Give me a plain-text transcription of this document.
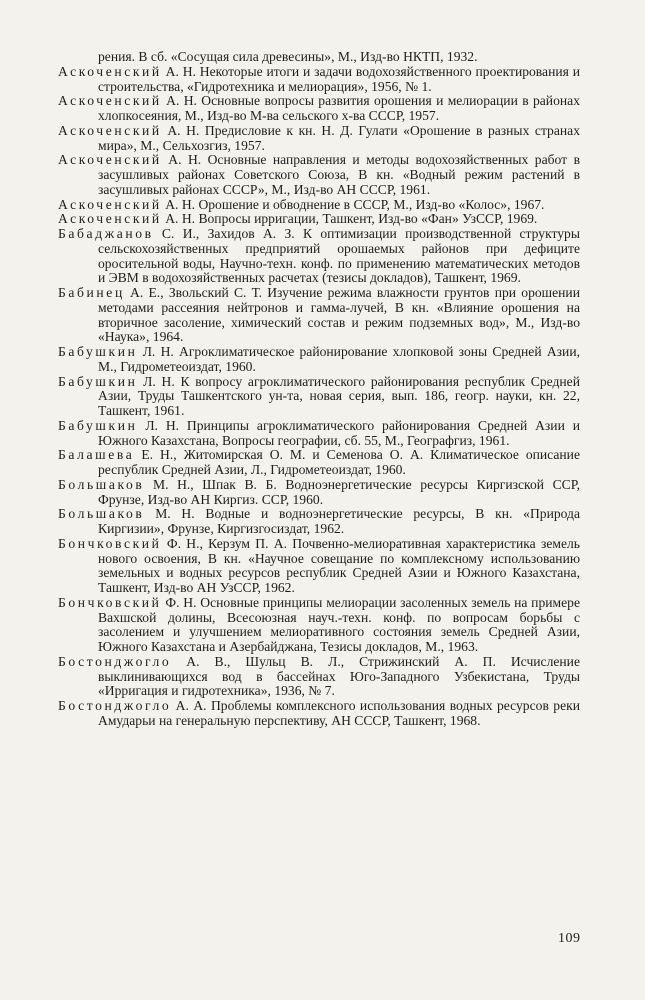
рения. В сб. «Сосущая сила древесины», М., Изд-во НКТП, 1932.

Аскоченский А. Н. Некоторые итоги и задачи водохозяйственного проектирования и строительства, «Гидротехника и мелиорация», 1956, № 1.

Аскоченский А. Н. Основные вопросы развития орошения и мелиорации в районах хлопкосеяния, М., Изд-во М-ва сельского х-ва СССР, 1957.

Аскоченский А. Н. Предисловие к кн. Н. Д. Гулати «Орошение в разных странах мира», М., Сельхозгиз, 1957.

Аскоченский А. Н. Основные направления и методы водохозяйственных работ в засушливых районах Советского Союза, В кн. «Водный режим растений в засушливых районах СССР», М., Изд-во АН СССР, 1961.

Аскоченский А. Н. Орошение и обводнение в СССР, М., Изд-во «Колос», 1967.

Аскоченский А. Н. Вопросы ирригации, Ташкент, Изд-во «Фан» УзССР, 1969.

Бабаджанов С. И., Захидов А. З. К оптимизации производственной структуры сельскохозяйственных предприятий орошаемых районов при дефиците оросительной воды, Научно-техн. конф. по применению математических методов и ЭВМ в водохозяйственных расчетах (тезисы докладов), Ташкент, 1969.

Бабинец А. Е., Звольский С. Т. Изучение режима влажности грунтов при орошении методами рассеяния нейтронов и гамма-лучей, В кн. «Влияние орошения на вторичное засоление, химический состав и режим подземных вод», М., Изд-во «Наука», 1964.

Бабушкин Л. Н. Агроклиматическое районирование хлопковой зоны Средней Азии, М., Гидрометеоиздат, 1960.

Бабушкин Л. Н. К вопросу агроклиматического районирования республик Средней Азии, Труды Ташкентского ун-та, новая серия, вып. 186, геогр. науки, кн. 22, Ташкент, 1961.

Бабушкин Л. Н. Принципы агроклиматического районирования Средней Азии и Южного Казахстана, Вопросы географии, сб. 55, М., Географгиз, 1961.

Балашева Е. Н., Житомирская О. М. и Семенова О. А. Климатическое описание республик Средней Азии, Л., Гидрометеоиздат, 1960.

Большаков М. Н., Шпак В. Б. Водноэнергетические ресурсы Киргизской ССР, Фрунзе, Изд-во АН Киргиз. ССР, 1960.

Большаков М. Н. Водные и водноэнергетические ресурсы, В кн. «Природа Киргизии», Фрунзе, Киргизгосиздат, 1962.

Бончковский Ф. Н., Керзум П. А. Почвенно-мелиоративная характеристика земель нового освоения, В кн. «Научное совещание по комплексному использованию земельных и водных ресурсов республик Средней Азии и Южного Казахстана, Ташкент, Изд-во АН УзССР, 1962.

Бончковский Ф. Н. Основные принципы мелиорации засоленных земель на примере Вахшской долины, Всесоюзная науч.-техн. конф. по вопросам борьбы с засолением и улучшением мелиоративного состояния земель Средней Азии, Южного Казахстана и Азербайджана, Тезисы докладов, М., 1963.

Бостонджогло А. В., Шульц В. Л., Стрижинский А. П. Исчисление выклинивающихся вод в бассейнах Юго-Западного Узбекистана, Труды «Ирригация и гидротехника», 1936, № 7.

Бостонджогло А. А. Проблемы комплексного использования водных ресурсов реки Амударьи на генеральную перспективу, АН СССР, Ташкент, 1968.

109
